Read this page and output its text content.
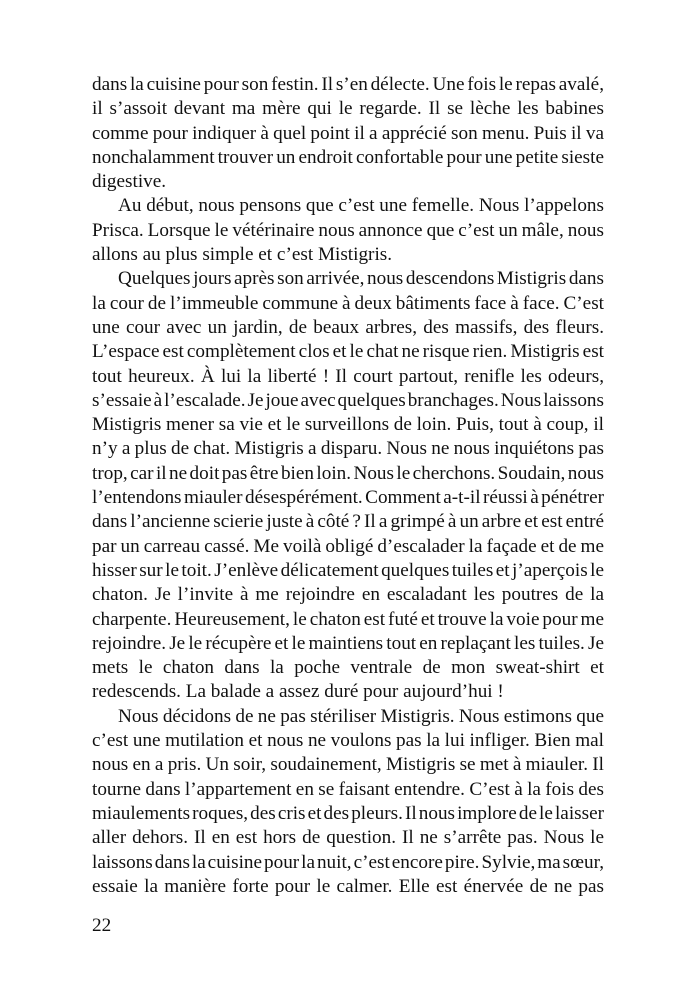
dans la cuisine pour son festin. Il s’en délecte. Une fois le repas avalé,
il s’assoit devant ma mère qui le regarde. Il se lèche les babines
comme pour indiquer à quel point il a apprécié son menu. Puis il va
nonchalamment trouver un endroit confortable pour une petite sieste
digestive.
Au début, nous pensons que c’est une femelle. Nous l’appelons
Prisca. Lorsque le vétérinaire nous annonce que c’est un mâle, nous
allons au plus simple et c’est Mistigris.
Quelques jours après son arrivée, nous descendons Mistigris dans
la cour de l’immeuble commune à deux bâtiments face à face. C’est
une cour avec un jardin, de beaux arbres, des massifs, des fleurs.
L’espace est complètement clos et le chat ne risque rien. Mistigris est
tout heureux. À lui la liberté ! Il court partout, renifle les odeurs,
s’essaie à l’escalade. Je joue avec quelques branchages. Nous laissons
Mistigris mener sa vie et le surveillons de loin. Puis, tout à coup, il
n’y a plus de chat. Mistigris a disparu. Nous ne nous inquiétons pas
trop, car il ne doit pas être bien loin. Nous le cherchons. Soudain, nous
l’entendons miauler désespérément. Comment a-t-il réussi à pénétrer
dans l’ancienne scierie juste à côté ? Il a grimpé à un arbre et est entré
par un carreau cassé. Me voilà obligé d’escalader la façade et de me
hisser sur le toit. J’enlève délicatement quelques tuiles et j’aperçois le
chaton. Je l’invite à me rejoindre en escaladant les poutres de la
charpente. Heureusement, le chaton est futé et trouve la voie pour me
rejoindre. Je le récupère et le maintiens tout en replaçant les tuiles. Je
mets le chaton dans la poche ventrale de mon sweat-shirt et
redescends. La balade a assez duré pour aujourd’hui !
Nous décidons de ne pas stériliser Mistigris. Nous estimons que
c’est une mutilation et nous ne voulons pas la lui infliger. Bien mal
nous en a pris. Un soir, soudainement, Mistigris se met à miauler. Il
tourne dans l’appartement en se faisant entendre. C’est à la fois des
miaulements roques, des cris et des pleurs. Il nous implore de le laisser
aller dehors. Il en est hors de question. Il ne s’arrête pas. Nous le
laissons dans la cuisine pour la nuit, c’est encore pire. Sylvie, ma sœur,
essaie la manière forte pour le calmer. Elle est énervée de ne pas
22
